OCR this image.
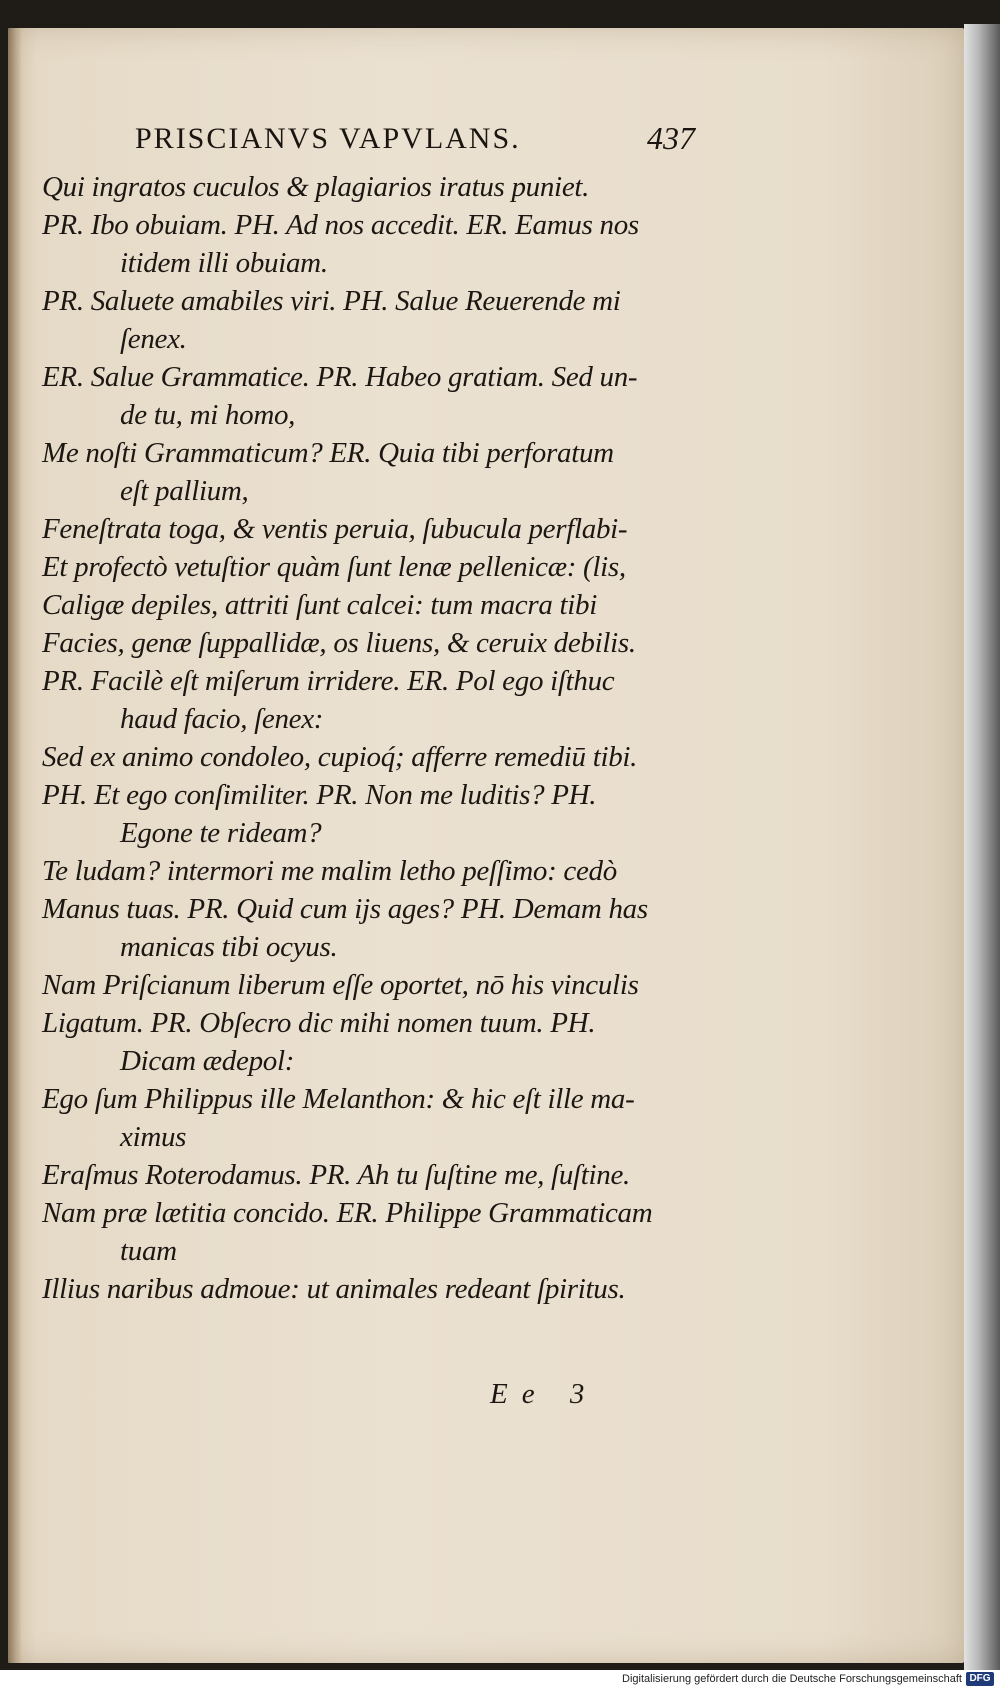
PRISCIANVS VAPVLANS.	437
Qui ingratos cuculos & plagiarios iratus puniet.
PR. Ibo obuiam. PH. Ad nos accedit. ER. Eamus nos
itidem illi obuiam.
PR. Saluete amabiles viri. PH. Salue Reuerende mi
ſenex.
ER. Salue Grammatice. PR. Habeo gratiam. Sed un-
de tu, mi homo,
Me noſti Grammaticum? ER. Quia tibi perforatum
eſt pallium,
Feneſtrata toga, & ventis peruia, ſubucula perflabi-
Et profectò vetuſtior quàm ſunt lenæ pellenicæ: (lis,
Caligæ depiles, attriti ſunt calcei: tum macra tibi
Facies, genæ ſuppallidæ, os liuens, & ceruix debilis.
PR. Facilè eſt miſerum irridere. ER. Pol ego iſthuc
haud facio, ſenex:
Sed ex animo condoleo, cupioq́; afferre remediū tibi.
PH. Et ego conſimiliter. PR. Non me luditis? PH.
Egone te rideam?
Te ludam? intermori me malim letho peſſimo: cedò
Manus tuas. PR. Quid cum ijs ages? PH. Demam has
manicas tibi ocyus.
Nam Priſcianum liberum eſſe oportet, nō his vinculis
Ligatum. PR. Obſecro dic mihi nomen tuum. PH.
Dicam ædepol:
Ego ſum Philippus ille Melanthon: & hic eſt ille ma-
ximus
Eraſmus Roterodamus. PR. Ah tu ſuſtine me, ſuſtine.
Nam præ lætitia concido. ER. Philippe Grammaticam
tuam
Illius naribus admoue: ut animales redeant ſpiritus.
Ee 3
Digitalisierung gefördert durch die Deutsche Forschungsgemeinschaft DFG
